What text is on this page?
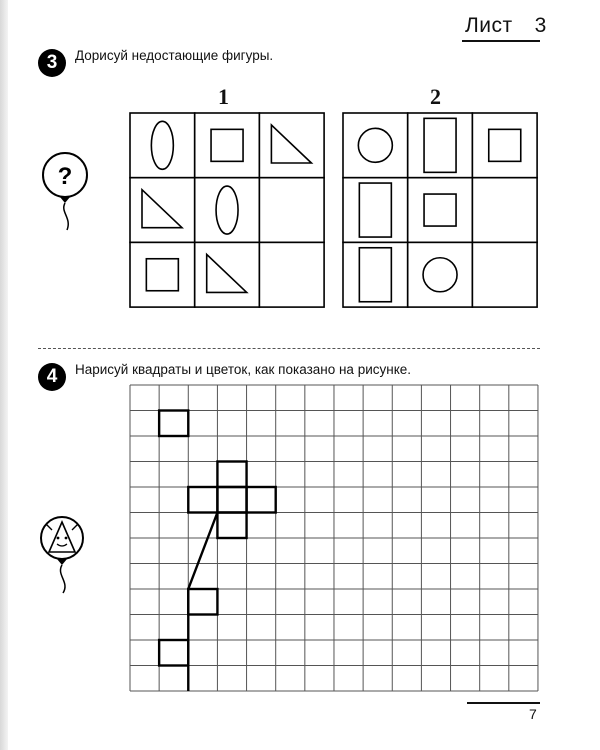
Лист 3
3	Дорисуй недостающие фигуры.
1	2
?
4	Нарисуй квадраты и цветок, как показано на рисунке.
7
